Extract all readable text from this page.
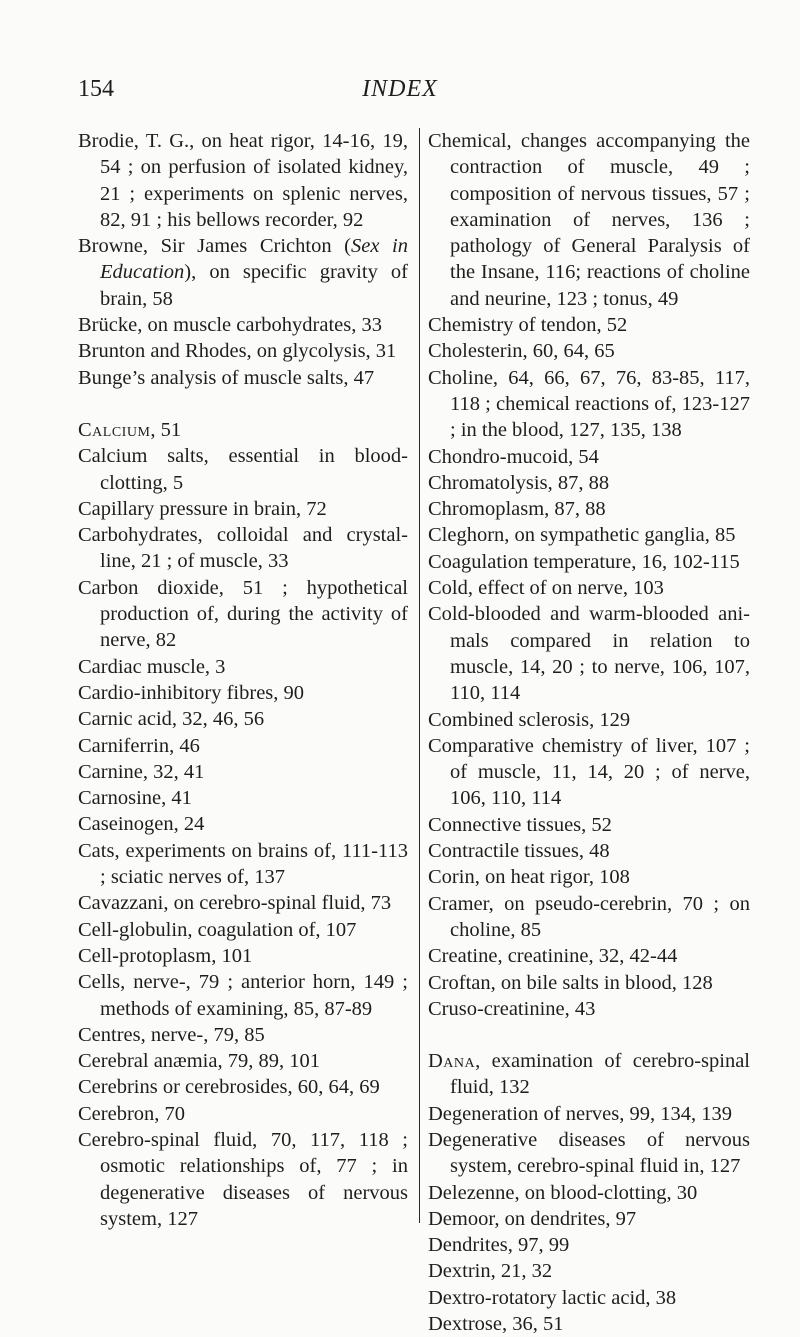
154	INDEX
Brodie, T. G., on heat rigor, 14-16, 19, 54 ; on perfusion of isolated kidney, 21 ; experiments on splenic nerves, 82, 91 ; his bellows recorder, 92
Browne, Sir James Crichton (Sex in Education), on specific gravity of brain, 58
Brücke, on muscle carbohydrates, 33
Brunton and Rhodes, on glycolysis, 31
Bunge’s analysis of muscle salts, 47
Calcium, 51
Calcium salts, essential in blood-clotting, 5
Capillary pressure in brain, 72
Carbohydrates, colloidal and crystalline, 21 ; of muscle, 33
Carbon dioxide, 51 ; hypothetical production of, during the activity of nerve, 82
Cardiac muscle, 3
Cardio-inhibitory fibres, 90
Carnic acid, 32, 46, 56
Carniferrin, 46
Carnine, 32, 41
Carnosine, 41
Caseinogen, 24
Cats, experiments on brains of, 111-113 ; sciatic nerves of, 137
Cavazzani, on cerebro-spinal fluid, 73
Cell-globulin, coagulation of, 107
Cell-protoplasm, 101
Cells, nerve-, 79 ; anterior horn, 149 ; methods of examining, 85, 87-89
Centres, nerve-, 79, 85
Cerebral anæmia, 79, 89, 101
Cerebrins or cerebrosides, 60, 64, 69
Cerebron, 70
Cerebro-spinal fluid, 70, 117, 118 ; osmotic relationships of, 77 ; in degenerative diseases of nervous system, 127
Chemical, changes accompanying the contraction of muscle, 49 ; composition of nervous tissues, 57 ; examination of nerves, 136 ; pathology of General Paralysis of the Insane, 116; reactions of choline and neurine, 123 ; tonus, 49
Chemistry of tendon, 52
Cholesterin, 60, 64, 65
Choline, 64, 66, 67, 76, 83-85, 117, 118 ; chemical reactions of, 123-127 ; in the blood, 127, 135, 138
Chondro-mucoid, 54
Chromatolysis, 87, 88
Chromoplasm, 87, 88
Cleghorn, on sympathetic ganglia, 85
Coagulation temperature, 16, 102-115
Cold, effect of on nerve, 103
Cold-blooded and warm-blooded animals compared in relation to muscle, 14, 20 ; to nerve, 106, 107, 110, 114
Combined sclerosis, 129
Comparative chemistry of liver, 107 ; of muscle, 11, 14, 20 ; of nerve, 106, 110, 114
Connective tissues, 52
Contractile tissues, 48
Corin, on heat rigor, 108
Cramer, on pseudo-cerebrin, 70 ; on choline, 85
Creatine, creatinine, 32, 42-44
Croftan, on bile salts in blood, 128
Cruso-creatinine, 43
Dana, examination of cerebro-spinal fluid, 132
Degeneration of nerves, 99, 134, 139
Degenerative diseases of nervous system, cerebro-spinal fluid in, 127
Delezenne, on blood-clotting, 30
Demoor, on dendrites, 97
Dendrites, 97, 99
Dextrin, 21, 32
Dextro-rotatory lactic acid, 38
Dextrose, 36, 51
